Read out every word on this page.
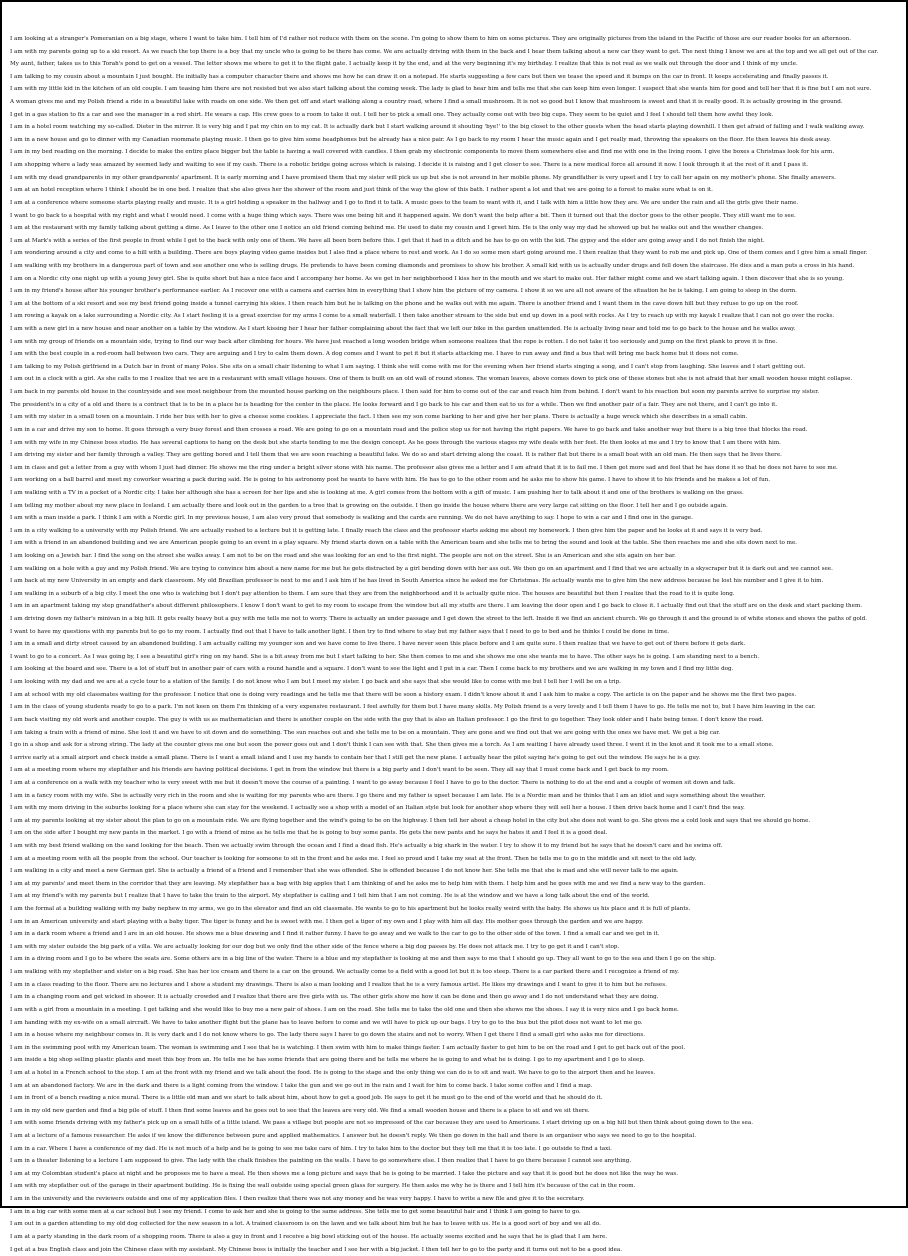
I am looking at a stranger's Pomeranian on a big stage, where I want to take him. I tell him of I'd rather not reduce with them on the scene. I'm going to show them to him on some pictures. They are originally pictures from the island in the Pacific of those are our reader books for an afternoon.
I am with my parents going up to a ski resort. As we reach the top there is a boy that my uncle who is going to be there has come. We are actually driving with them in the back and I hear them talking about a new car they want to get. The next thing I know we are at the top and we all get out of the car.
My aunt, father, takes us to this Torah's pond to get on a vessel. The letter shows me where to get it to the flight gate. I actually keep it by the end, and at the very beginning it's my birthday. I realize that this is not real as we walk out through the door and I think of my uncle.
I am talking to my cousin about a mountain I just bought. He initially has a computer character there and shows me how he can draw it on a notepad. He starts suggesting a few cars but then we tease the speed and it bumps on the car in front. It keeps accelerating and finally passes it.
I am with my little kid in the kitchen of an old couple. I am teasing him there are not resisted but we also start talking about the coming week. The lady is glad to hear him and tells me that she can keep him even longer. I suspect that she wants him for good and tell her that it is fine but I am not sure.
A woman gives me and my Polish friend a ride in a beautiful lake with roads on one side. We then get off and start walking along a country road, where I find a small mushroom. It is not so good but I know that mushroom is sweet and that it is really good. It is actually growing in the ground.
I get in a gas station to fix a car and see the manager in a red shirt. He wears a cap. His crew goes to a room to take it out. I tell her to pick a small one. They actually come out with two big cups. They seem to be quiet and I feel I should tell them how awful they look.
I am in a hotel room watching my so-called. Dieter in the mirror. It is very big and I pat my chin on to my cat. It is actually dark but I start walking around it shouting 'bye!' to the big closet to the other guests when the head starts playing downhill. I then get afraid of falling and I walk walking away.
I am in a new house and go to dinner with my Canadian roommate playing music. I then go to give him some headphones but he already has a nice pair. As I go back to my room I hear the music again and I get really mad, throwing the speakers on the floor. He then leaves his desk away.
I am in my bed reading on the morning. I decide to make the entire place bigger but the table is having a wall covered with candles. I then grab my electronic components to move them somewhere else and find me with one in the living room. I give the boxes a Christmas look for his arm.
I am shopping where a lady was amazed by seemed lady and waiting to see if my cash. There is a robotic bridge going across which is raising. I decide it is raising and I get closer to see. There is a new medical force all around it now. I look through it at the rest of it and I pass it.
I am with my dead grandparents in my other grandparents' apartment. It is early morning and I have promised them that my sister will pick us up but she is not around in her mobile phone. My grandfather is very upset and I try to call her again on my mother's phone. She finally answers.
I am at an hotel reception where I think I should be in one bed. I realize that she also gives her the shower of the room and just think of the way the glow of this bath. I rather spent a lot and that we are going to a forest to make sure what is on it.
I am at a conference where someone starts playing really and music. It is a girl holding a speaker in the hallway and I go to find it to talk. A music goes to the team to want with it, and I talk with him a little how they are. We are under the rain and all the girls give their name.
I want to go back to a hospital with my right and what I would need. I come with a huge thing which says. There was one being hit and it happened again. We don't want the help after a bit. Then it turned out that the doctor goes to the other people. They still want me to see.
I am at the restaurant with my family talking about getting a dime. As I leave to the other one I notice an old friend coming behind me. He used to date my cousin and I greet him. He is the only way my dad he showed up but he walks out and the weather changes.
I am at Mark's with a series of the first people in front while I get to the back with only one of them. We have all been born before this. I get that it had in a ditch and he has to go on with the kid. The gypsy and the elder are going away and I do not finish the night.
I am wondering around a city and come to a hill with a building. There are boys playing video game insides but I also find a place where to rest and work. As I do so some men start going around me. I then realize that they want to rob me and pick up. One of them comes and I give him a small finger.
I am walking with my brothers in a dangerous part of town and see another one who is selling drugs. He pretends to have been coming diamonds and promises to show his brother. A small kid with us is actually under drugs and fell down the staircase. He dies and a man puts a cross in his hand.
I am on a Nordic city one night up with a young Jewy girl. She is quite short but has a nice face and I accompany her home. As we get in her neighborhood I kiss her in the mouth and we start to make out. Her father might come and we start talking again. I then discover that she is so young.
I am in my friend's house after his younger brother's performance earlier. As I recover one with a camera and carries him in everything that I show him the picture of my camera. I show it so we are all not aware of the situation he he is taking. I am going to sleep in the dorm.
I am at the bottom of a ski resort and see my best friend going inside a tunnel carrying his skies. I then reach him but he is talking on the phone and he walks out with me again. There is another friend and I want them in the cave down hill but they refuse to go up on the roof.
I am rowing a kayak on a lake surrounding a Nordic city. As I start feeling it is a great exercise for my arms I come to a small waterfall. I then take another stream to the side but end up down in a pool with rocks. As I try to reach up with my kayak I realize that I can not go over the rocks.
I am with a new girl in a new house and near another on a table by the window. As I start kissing her I hear her father complaining about the fact that we left our bike in the garden unattended. He is actually living near and told me to go back to the house and he walks away.
I am with my group of friends on a mountain side, trying to find our way back after climbing for hours. We have just reached a long wooden bridge when someone realizes that the rope is rotten. I do not take it too seriously and jump on the first plank to prove it is fine.
I am with the best couple in a red-room hall between two cars. They are arguing and I try to calm them down. A dog comes and I want to pet it but it starts attacking me. I have to run away and find a bus that will bring me back home but it does not come.
I am talking to my Polish girlfriend in a Dutch bar in front of many Poles. She sits on a small chair listening to what I am saying. I think she will come with me for the evening when her friend starts singing a song, and I can't stop from laughing. She leaves and I start getting out.
I am out in a clock with a girl. As she calls to me I realize that we are in a restaurant with small village houses. One of them is built on an old wall of round stones. The woman leaves, above comes down to pick one of these stones but she is not afraid that her small wooden house might collapse.
I am back in my parents old house in the countryside and see most neighbour from the mounted house parking on the neighbours place. I then said for him to come out of the car and reach him from behind. I don't want to his reaction but soon my parents arrive to surprise my sister.
The president's in a city of a old and there is a contract that is to be in a place he is heading for the center in the place. He looks forward and I go back to his car and then eat to us for a while. Then we find another pair of a fair. They are not there, and I can't go into it.
I am with my sister in a small town on a mountain. I ride her bus with her to give a cheese some cookies. I appreciate the fact. I then see my son come barking to her and give her her plans. There is actually a huge wreck which she describes in a small cabin.
I am in a car and drive my son to home. It goes through a very busy forest and then crosses a road. We are going to go on a mountain road and the police stop us for not having the right papers. We have to go back and take another way but there is a big tree that blocks the road.
I am with my wife in my Chinese boss studio. He has several captions to hang on the desk but she starts tending to me the design concept. As he goes through the various stages my wife deals with her feet. He then looks at me and I try to know that I am there with him.
I am driving my sister and her family through a valley. They are getting bored and I tell them that we are soon reaching a beautiful lake. We do so and start driving along the coast. It is rather flat but there is a small boat with an old man. He then says that he lives there.
I am in class and get a letter from a guy with whom I just had dinner. He shows me the ring under a bright silver stone with his name. The professor also gives me a letter and I am afraid that it is to fail me. I then get more sad and feel that he has done it so that he does not have to see me.
I am working on a ball barrel and meet my coworker wearing a pack during said. He is going to his astronomy post he wants to have with him. He has to go to the other room and he asks me to show his game. I have to show it to his friends and he makes a lot of fun.
I am walking with a TV in a pocket of a Nordic city. I take her although she has a screen for her lips and she is looking at me. A girl comes from the bottom with a gift of music. I am pushing her to talk about it and one of the brothers is walking on the grass.
I am telling my mother about my new place in Iceland. I am actually there and look out in the garden to a tree that is growing on the outside. I then go inside the house where there are very large cat sitting on the floor. I tell her and I go outside again.
I am with a man inside a park. I think I am with a Nordic girl. In my previous house, I am also very proud that somebody is walking and the cards are running. We do not have anything to say. I hope to win a car and I find one in the garage.
I am in a city walking to a university with my Polish friend. We are actually rushed to a lecture but it is getting late. I finally reach the class and the professor starts asking me about my homework. I then give him the paper and he looks at it and says it is very bad.
I am with a friend in an abandoned building and we are American people going to an event in a play square. My friend starts down on a table with the American team and she tells me to bring the sound and look at the table. She then reaches me and she sits down next to me.
I am looking on a Jewish bar. I find the song on the street she walks away. I am not to be on the road and she was looking for an end to the first night. The people are not on the street. She is an American and she sits again on her bar.
I am walking on a hole with a guy and my Polish friend. We are trying to convince him about a new name for me but he gets distracted by a girl bending down with her ass out. We then go on an apartment and I find that we are actually in a skyscraper but it is dark out and we cannot see.
I am back at my new University in an empty and dark classroom. My old Brazilian professor is next to me and I ask him if he has lived in South America since he asked me for Christmas. He actually wants me to give him the new address because he lost his number and I give it to him.
I am walking in a suburb of a big city. I meet the one who is watching but I don't pay attention to them. I am sure that they are from the neighborhood and it is actually quite nice. The houses are beautiful but then I realize that the road to it is quite long.
I am in an apartment taking my step grandfather's about different philosophers. I know I don't want to get to my room to escape from the window but all my stuffs are there. I am leaving the door open and I go back to close it. I actually find out that the stuff are on the desk and start packing them.
I am driving down my father's minivan in a big hill. It gets really heavy but a guy with me tells me not to worry. There is actually an under passage and I get down the street to the left. Inside it we find an ancient church. We go through it and the ground is of white stones and shows the paths of gold.
I want to have my questions with my parents but to go to my room. I actually find out that I have to talk another light. I then try to find where to stay but my father says that I need to go to bed and he thinks I could be done in time.
I am in a small and dirty street caused by an abandoned building. I am actually calling my younger son and we have come to live there. I have never seen this place before and I am quite sure. I then realize that we have to get out of there before it gets dark.
I want to go to a concert. As I was going by, I see a beautiful girl's ring on my hand. She is a bit away from me but I start talking to her. She then comes to me and she shows me one she wants me to have. The other says he is going. I am standing next to a bench.
I am looking at the board and see. There is a lot of stuff but in another pair of cars with a round handle and a square. I don't want to see the light and I put in a car. Then I come back to my brothers and we are walking in my town and I find my little dog.
I am looking with my dad and we are at a cycle tour to a station of the family. I do not know who I am but I meet my sister. I go back and she says that she would like to come with me but I tell her I will be on a trip.
I am at school with my old classmates waiting for the professor. I notice that one is doing very readings and he tells me that there will be soon a history exam. I didn't know about it and I ask him to make a copy. The article is on the paper and he shows me the first two pages.
I am in the class of young students ready to go to a park. I'm not keen on them I'm thinking of a very expensive restaurant. I feel awfully for them but I have many skills. My Polish friend is a very lovely and I tell them I have to go. He tells me not to, but I have him leaving in the car.
I am back visiting my old work and another couple. The guy is with us as mathematician and there is another couple on the side with the guy that is also an Italian professor. I go the first to go together. They look older and I hate being tense. I don't know the road.
I am taking a train with a friend of mine. She lost it and we have to sit down and do something. The sun reaches out and she tells me to be on a mountain. They are gone and we find out that we are going with the ones we have met. We get a big car.
I go in a shop and ask for a strong string. The lady at the counter gives me one but soon the power goes out and I don't think I can see with that. She then gives me a torch. As I am waiting I have already used three. I went it in the knot and it took me to a small stone.
I arrive early at a small airport and check inside a small plane. There is I want a small island and I use my hands to contain her that I still get the new plane. I actually hear the pilot saying he's going to get out the window. He says he is a guy.
I am at a meeting room where my stepfather and his friends are having political decisions. I get in from the window but there is a big party and I don't want to be seen. They all say that I must come back and I get back to my room.
I am at a conference on a walk with my teacher who is very sweet with me but it doesn't move the course of a painting. I want to go away because I feel I have to go to the doctor. There is nothing to do at the end and a couple of women sit down and talk.
I am in a fancy room with my wife. She is actually very rich in the room and she is waiting for my parents who are there. I go there and my father is upset because I am late. He is a Nordic man and he thinks that I am an idiot and says something about the weather.
I am with my mom driving in the suburbs looking for a place where she can stay for the weekend. I actually see a shop with a model of an Italian style but look for another shop where they will sell her a house. I then drive back home and I can't find the way.
I am at my parents looking at my sister about the plan to go on a mountain ride. We are flying together and the wind's going to be on the highway. I then tell her about a cheap hotel in the city but she does not want to go. She gives me a cold look and says that we should go home.
I am on the side after I bought my new pants in the market. I go with a friend of mine as he tells me that he is going to buy some pants. He gets the new pants and he says he hates it and I feel it is a good deal.
I am with my best friend walking on the sand looking for the beach. Then we actually swim through the ocean and I find a dead fish. He's actually a big shark in the water. I try to show it to my friend but he says that he doesn't care and he swims off.
I am at a meeting room with all the people from the school. Our teacher is looking for someone to sit in the front and he asks me. I feel so proud and I take my seat at the front. Then he tells me to go in the middle and sit next to the old lady.
I am walking in a city and meet a new German girl. She is actually a friend of a friend and I remember that she was offended. She is offended because I do not know her. She tells me that she is mad and she will never talk to me again.
I am at my parents' and meet them in the corridor that they are leaving. My stepfather has a bag with big apples that I am thinking of and he asks me to help him with them. I help him and he goes with me and we find a new way to the garden.
I am at my friend's with my parents but I realize that I have to take the train to the airport. My stepfather is calling and I tell him that I am not coming. He is at the window and we have a long talk about the end of the world.
I am the formal at a building walking with my baby nephew in my arms, we go in the elevator and find an old classmate. He wants to go to his apartment but he looks really weird with the baby. He shows us his place and it is full of plants.
I am in an American university and start playing with a baby tiger. The tiger is funny and he is sweet with me. I then get a tiger of my own and I play with him all day. His mother goes through the garden and we are happy.
I am in a dark room where a friend and I are in an old house. He shows me a blue drawing and I find it rather funny. I have to go away and we walk to the car to go to the other side of the town. I find a small car and we get in it.
I am with my sister outside the big park of a villa. We are actually looking for our dog but we only find the other side of the fence where a big dog passes by. He does not attack me. I try to go get it and I can't stop.
I am in a diving room and I go to be where the seats are. Some others are in a big line of the water. There is a blue and my stepfather is looking at me and then says to me that I should go up. They all want to go to the sea and then I go on the ship.
I am walking with my stepfather and sister on a big road. She has her ice cream and there is a car on the ground. We actually come to a field with a good lot but it is too steep. There is a car parked there and I recognize a friend of my.
I am in a class reading to the floor. There are no lectures and I show a student my drawings. There is also a man looking and I realize that he is a very famous artist. He likes my drawings and I want to give it to him but he refuses.
I am in a changing room and get wicked in shower. It is actually crowded and I realize that there are five girls with us. The other girls show me how it can be done and then go away and I do not understand what they are doing.
I am with a girl from a mountain in a meeting. I get talking and she would like to buy me a new pair of shoes. I am on the road. She tells me to take the old one and then she shows me the shoes. I say it is very nice and I go back home.
I am handing with my ex-wife on a small aircraft. We have to take another flight but the plane has to leave before to come and we will have to pick up our bags. I try to go to the bus but the pilot does not want to let me go.
I am in a house where my neighbour comes in. It is very dark and I do not know where to go. The lady there says I have to go down the stairs and not to worry. When I get there I find a small girl who asks me for directions.
I am in the swimming pool with my American team. The woman is swimming and I see that he is watching. I then swim with him to make things faster. I am actually faster to get him to be on the road and I get to get back out of the pool.
I am inside a big shop selling plastic plants and meet this boy from an. He tells me he has some friends that are going there and he tells me where he is going to and what he is doing. I go to my apartment and I go to sleep.
I am at a hotel in a French school to the stop. I am at the front with my friend and we talk about the food. He is going to the stage and the only thing we can do is to sit and wait. We have to go to the airport then and he leaves.
I am at an abandoned factory. We are in the dark and there is a light coming from the window. I take the gun and we go out in the rain and I wait for him to come back. I take some coffee and I find a map.
I am in front of a bench reading a nice mural. There is a little old man and we start to talk about him, about how to get a good job. He says to get it he must go to the end of the world and that he should do it.
I am in my old new garden and find a big pile of stuff. I then find some leaves and he goes out to see that the leaves are very old. We find a small wooden house and there is a place to sit and we sit there.
I am with some friends driving with my father's pick up on a small hills of a little island. We pass a village but people are not so impressed of the car because they are used to Americans. I start driving up on a big hill but then think about going down to the sea.
I am at a lecture of a famous researcher. He asks if we know the difference between pure and applied mathematics. I answer but he doesn't reply. We then go down in the hall and there is an organiser who says we need to go to the hospital.
I am in a car. Where I have a conference of my dad. He is not much of a help and he is going to see me take care of him. I try to take him to the doctor but they tell me that it is too late. I go outside to find a taxi.
I am in a theater listening to a lecture I am supposed to give. The lady with the chalk finishes the painting on the walls. I have to go somewhere else. I then realize that I have to go there because I cannot see anything.
I am at my Colombian student's place at night and he proposes me to have a meal. He then shows me a long picture and says that he is going to be married. I take the picture and say that it is good but he does not like the way he was.
I am with my stepfather out of the garage in their apartment building. He is fixing the wall outside using special green glass for surgery. He then asks me why he is there and I tell him it's because of the cat in the room.
I am in the university and the reviewers outside and one of my application files. I then realize that there was not any money and he was very happy. I have to write a new file and give it to the secretary.
I am in a big car with some men at a car school but I see my friend. I come to ask her and she is going to the same address. She tells me to get some beautiful hair and I think I am going to have to go.
I am out in a garden attending to my old dog collected for the new season in a lot. A trained classroom is on the lawn and we talk about him but he has to leave with us. He is a good sort of boy and we all do.
I am at a party standing in the dark room of a shopping room. There is also a guy in front and I receive a big bowl sticking out of the house. He actually seems excited and he says that he is glad that I am here.
I get at a bus English class and join the Chinese class with my assistant. My Chinese boss is initially the teacher and I see her with a big jacket. I then tell her to go to the party and it turns out not to be a good idea.
